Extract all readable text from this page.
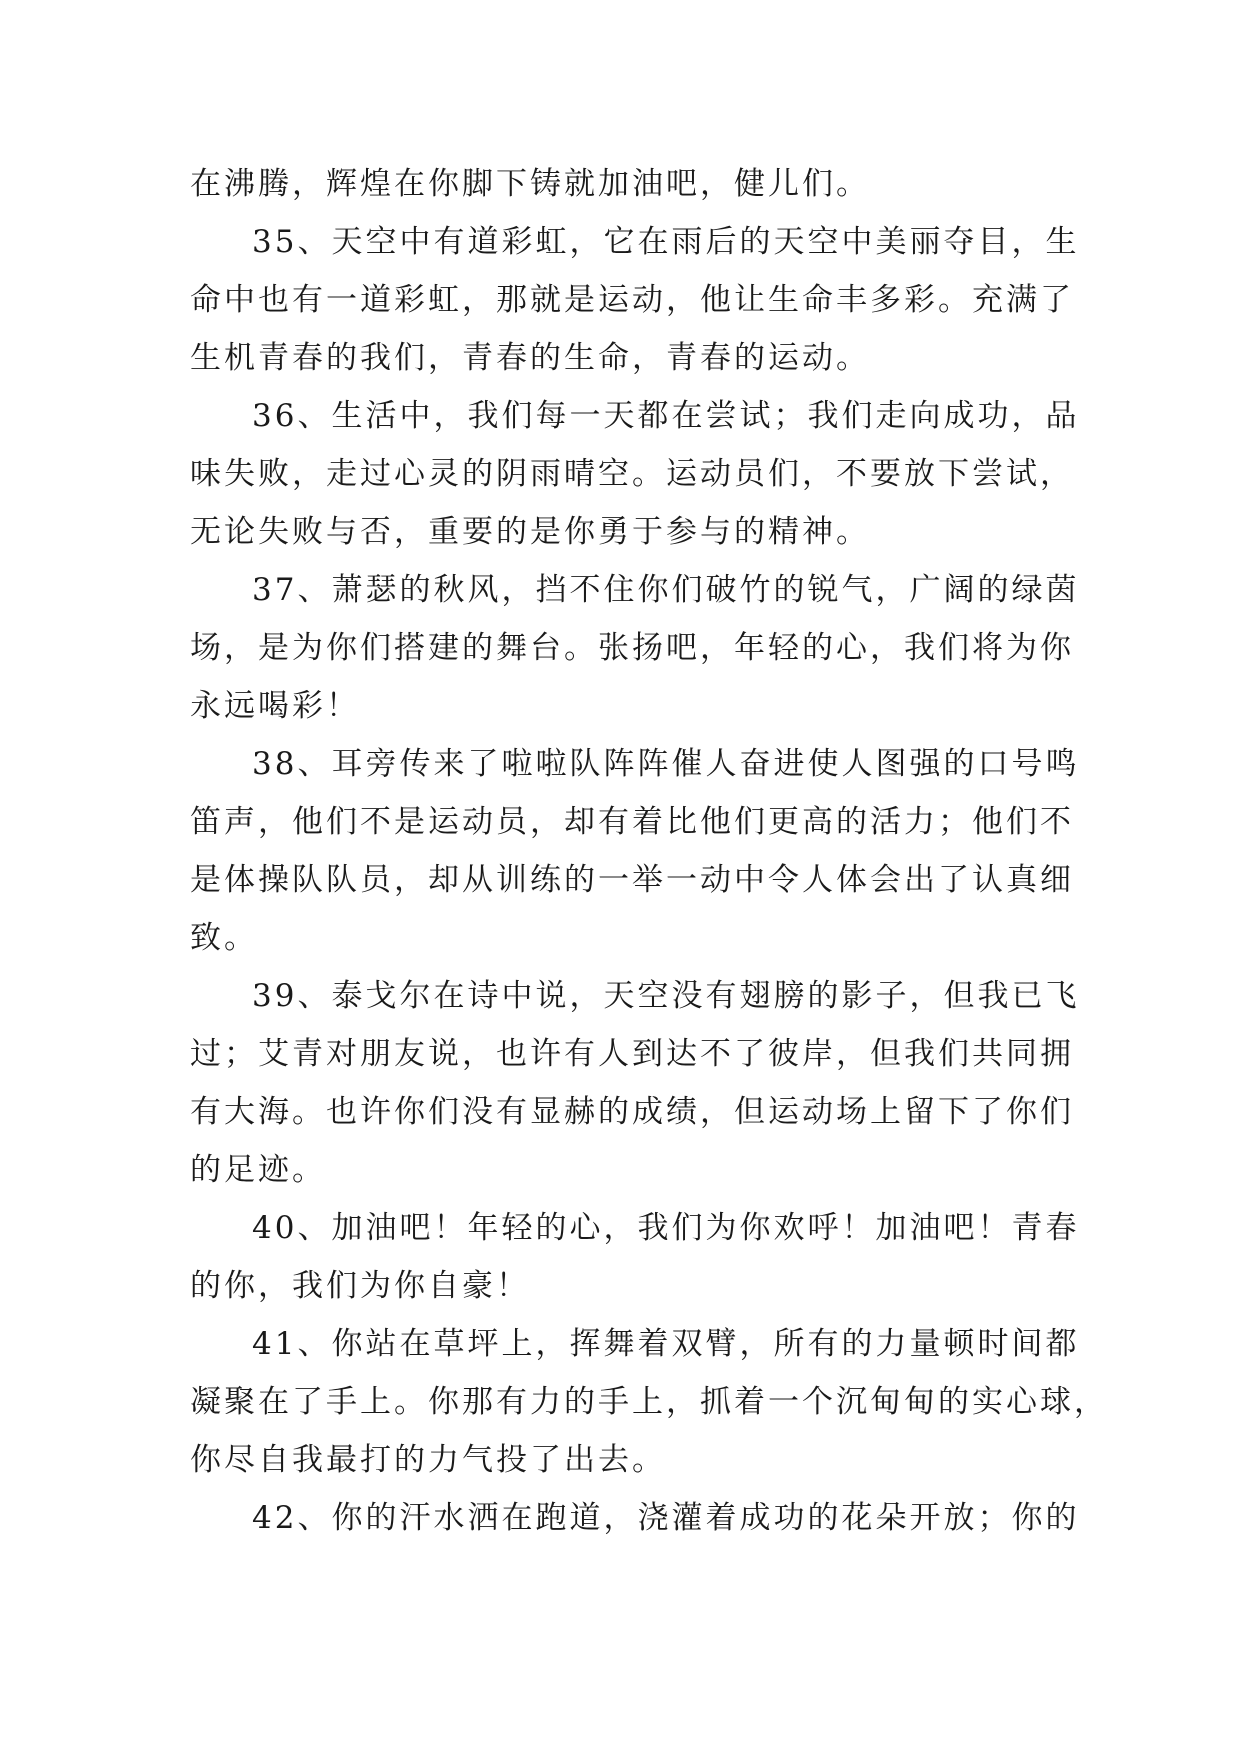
在沸腾，辉煌在你脚下铸就加油吧，健儿们。

35、天空中有道彩虹，它在雨后的天空中美丽夺目，生
命中也有一道彩虹，那就是运动，他让生命丰多彩。充满了
生机青春的我们，青春的生命，青春的运动。

36、生活中，我们每一天都在尝试；我们走向成功，品
味失败，走过心灵的阴雨晴空。运动员们，不要放下尝试，
无论失败与否，重要的是你勇于参与的精神。

37、萧瑟的秋风，挡不住你们破竹的锐气，广阔的绿茵
场，是为你们搭建的舞台。张扬吧，年轻的心，我们将为你
永远喝彩！

38、耳旁传来了啦啦队阵阵催人奋进使人图强的口号鸣
笛声，他们不是运动员，却有着比他们更高的活力；他们不
是体操队队员，却从训练的一举一动中令人体会出了认真细
致。

39、泰戈尔在诗中说，天空没有翅膀的影子，但我已飞
过；艾青对朋友说，也许有人到达不了彼岸，但我们共同拥
有大海。也许你们没有显赫的成绩，但运动场上留下了你们
的足迹。

40、加油吧！年轻的心，我们为你欢呼！加油吧！青春
的你，我们为你自豪！

41、你站在草坪上，挥舞着双臂，所有的力量顿时间都
凝聚在了手上。你那有力的手上，抓着一个沉甸甸的实心球，
你尽自我最打的力气投了出去。

42、你的汗水洒在跑道，浇灌着成功的花朵开放；你的
